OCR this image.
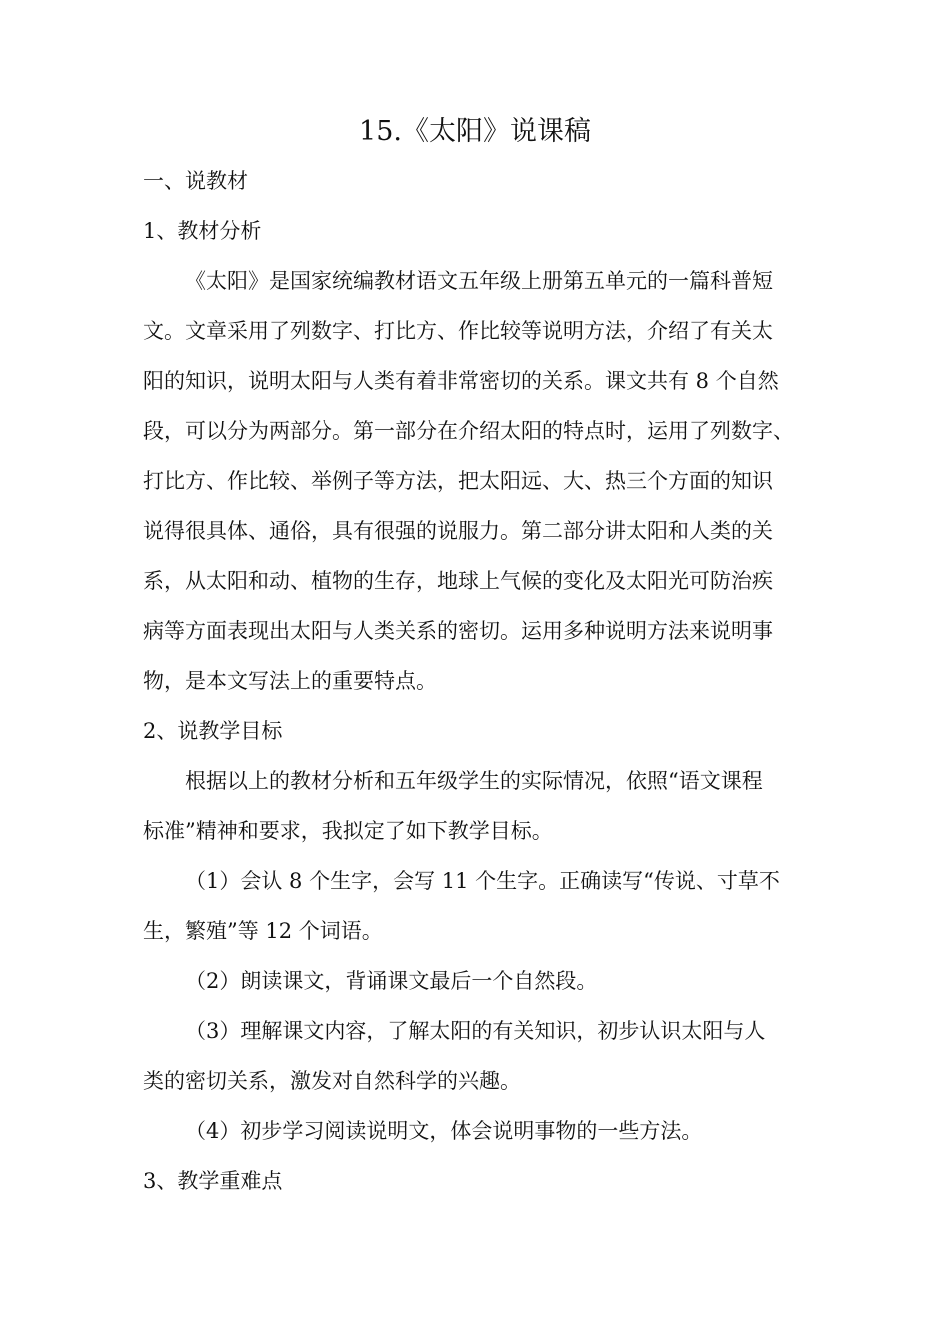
15.《太阳》说课稿

一、说教材

1、教材分析

《太阳》是国家统编教材语文五年级上册第五单元的一篇科普短

文。文章采用了列数字、打比方、作比较等说明方法，介绍了有关太

阳的知识，说明太阳与人类有着非常密切的关系。课文共有 8 个自然

段，可以分为两部分。第一部分在介绍太阳的特点时，运用了列数字、

打比方、作比较、举例子等方法，把太阳远、大、热三个方面的知识

说得很具体、通俗，具有很强的说服力。第二部分讲太阳和人类的关

系，从太阳和动、植物的生存，地球上气候的变化及太阳光可防治疾

病等方面表现出太阳与人类关系的密切。运用多种说明方法来说明事

物，是本文写法上的重要特点。

2、说教学目标

根据以上的教材分析和五年级学生的实际情况，依照“语文课程

标准”精神和要求，我拟定了如下教学目标。

（1）会认 8 个生字，会写 11 个生字。正确读写“传说、寸草不

生，繁殖”等 12 个词语。

（2）朗读课文，背诵课文最后一个自然段。

（3）理解课文内容，了解太阳的有关知识，初步认识太阳与人

类的密切关系，激发对自然科学的兴趣。

（4）初步学习阅读说明文，体会说明事物的一些方法。

3、教学重难点
